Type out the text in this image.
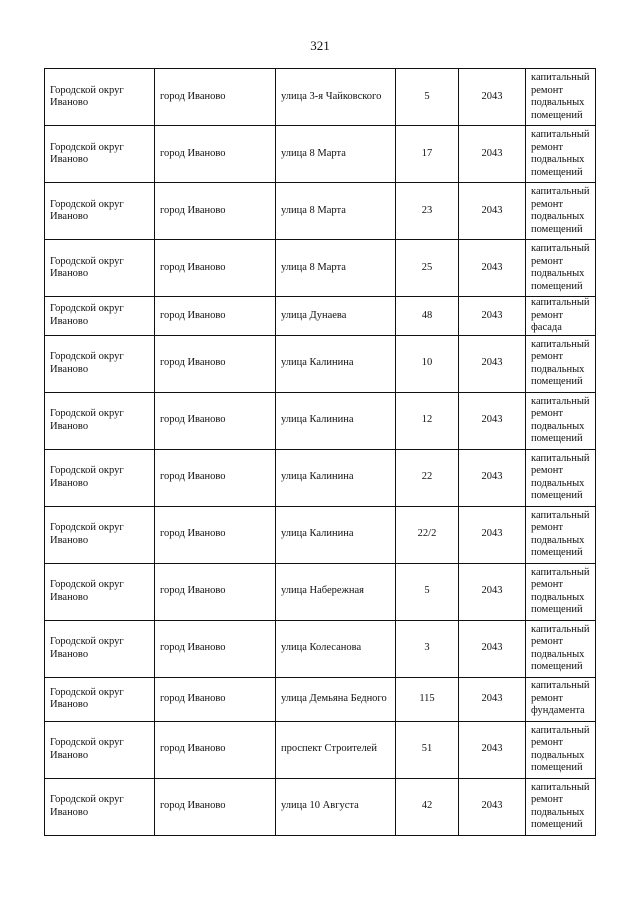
321
Городской округ Иваново	город Иваново	улица 3-я Чайковского	5	2043	капитальный ремонт подвальных помещений
Городской округ Иваново	город Иваново	улица 8 Марта	17	2043	капитальный ремонт подвальных помещений
Городской округ Иваново	город Иваново	улица 8 Марта	23	2043	капитальный ремонт подвальных помещений
Городской округ Иваново	город Иваново	улица 8 Марта	25	2043	капитальный ремонт подвальных помещений
Городской округ Иваново	город Иваново	улица Дунаева	48	2043	капитальный ремонт фасада
Городской округ Иваново	город Иваново	улица Калинина	10	2043	капитальный ремонт подвальных помещений
Городской округ Иваново	город Иваново	улица Калинина	12	2043	капитальный ремонт подвальных помещений
Городской округ Иваново	город Иваново	улица Калинина	22	2043	капитальный ремонт подвальных помещений
Городской округ Иваново	город Иваново	улица Калинина	22/2	2043	капитальный ремонт подвальных помещений
Городской округ Иваново	город Иваново	улица Набережная	5	2043	капитальный ремонт подвальных помещений
Городской округ Иваново	город Иваново	улица Колесанова	3	2043	капитальный ремонт подвальных помещений
Городской округ Иваново	город Иваново	улица Демьяна Бедного	115	2043	капитальный ремонт фундамента
Городской округ Иваново	город Иваново	проспект Строителей	51	2043	капитальный ремонт подвальных помещений
Городской округ Иваново	город Иваново	улица 10 Августа	42	2043	капитальный ремонт подвальных помещений
